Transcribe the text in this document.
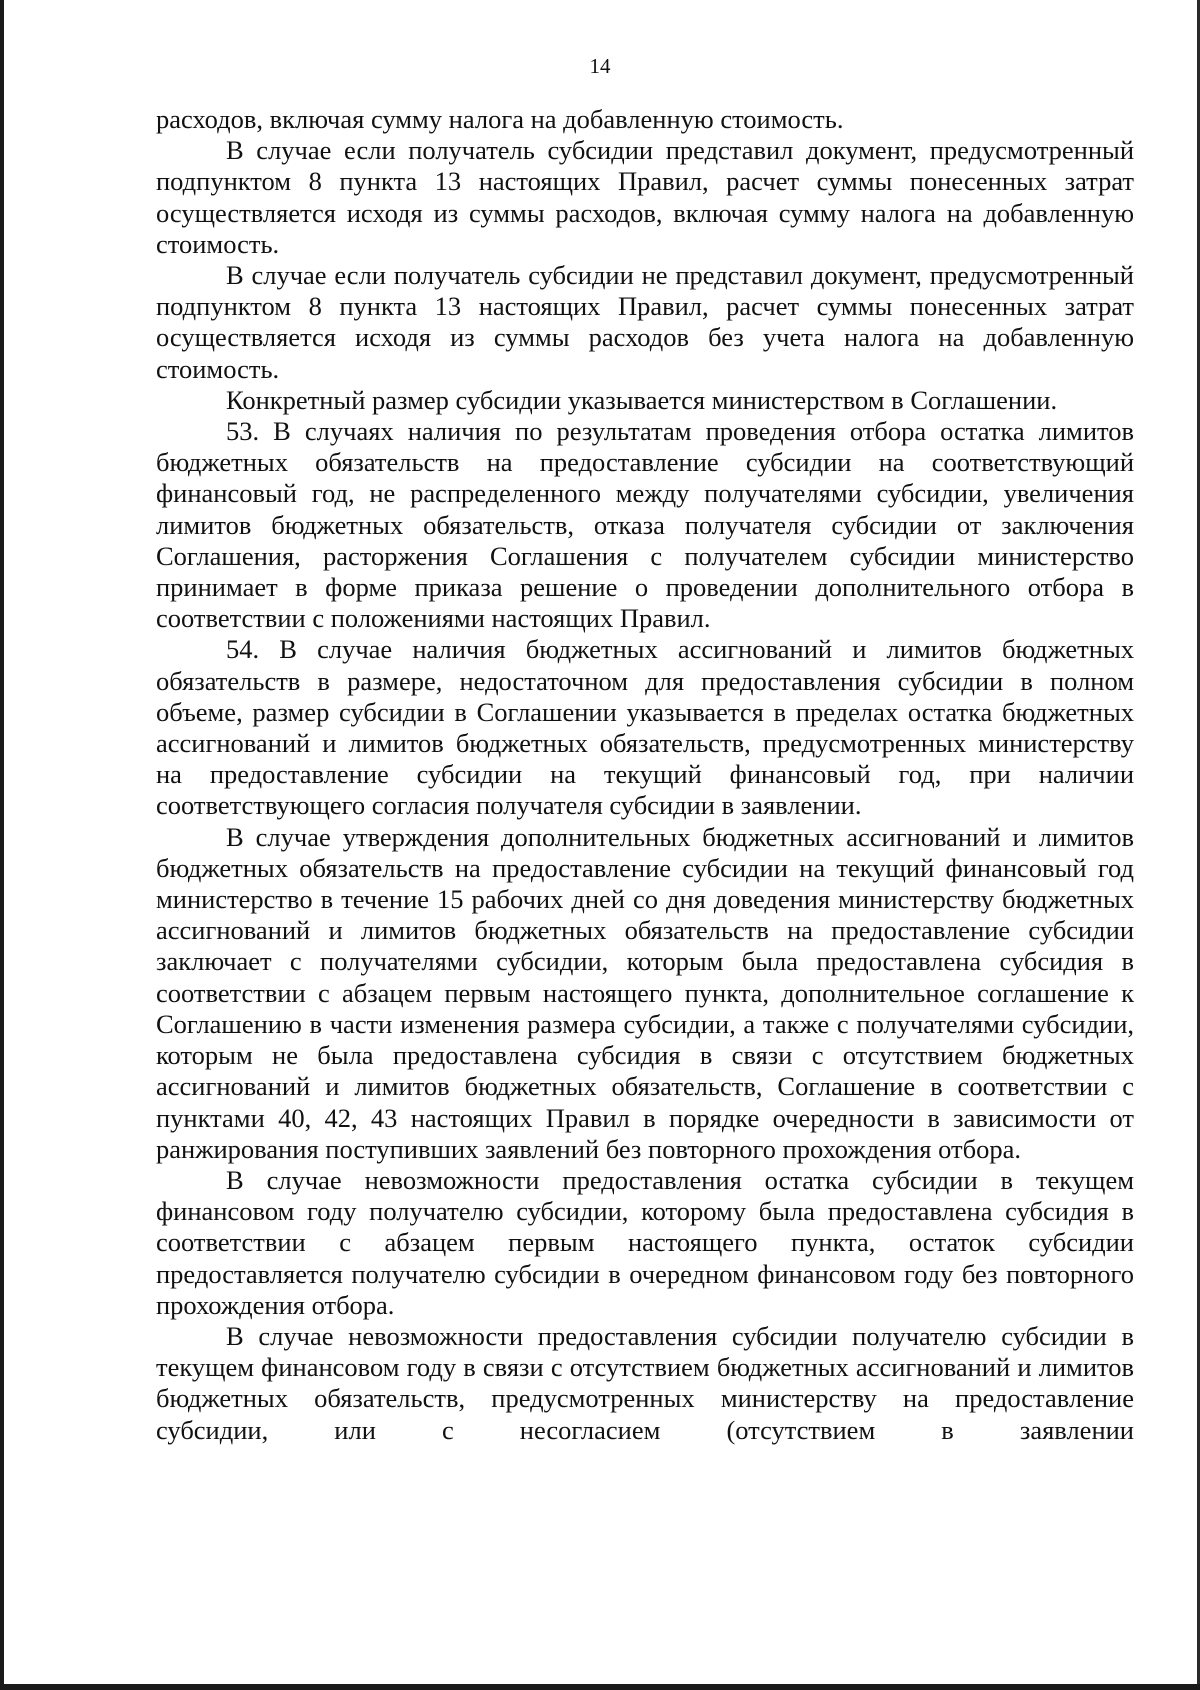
14

расходов, включая сумму налога на добавленную стоимость.

В случае если получатель субсидии представил документ, предусмотренный подпунктом 8 пункта 13 настоящих Правил, расчет суммы понесенных затрат осуществляется исходя из суммы расходов, включая сумму налога на добавленную стоимость.

В случае если получатель субсидии не представил документ, предусмотренный подпунктом 8 пункта 13 настоящих Правил, расчет суммы понесенных затрат осуществляется исходя из суммы расходов без учета налога на добавленную стоимость.

Конкретный размер субсидии указывается министерством в Соглашении.

53. В случаях наличия по результатам проведения отбора остатка лимитов бюджетных обязательств на предоставление субсидии на соответствующий финансовый год, не распределенного между получателями субсидии, увеличения лимитов бюджетных обязательств, отказа получателя субсидии от заключения Соглашения, расторжения Соглашения с получателем субсидии министерство принимает в форме приказа решение о проведении дополнительного отбора в соответствии с положениями настоящих Правил.

54. В случае наличия бюджетных ассигнований и лимитов бюджетных обязательств в размере, недостаточном для предоставления субсидии в полном объеме, размер субсидии в Соглашении указывается в пределах остатка бюджетных ассигнований и лимитов бюджетных обязательств, предусмотренных министерству на предоставление субсидии на текущий финансовый год, при наличии соответствующего согласия получателя субсидии в заявлении.

В случае утверждения дополнительных бюджетных ассигнований и лимитов бюджетных обязательств на предоставление субсидии на текущий финансовый год министерство в течение 15 рабочих дней со дня доведения министерству бюджетных ассигнований и лимитов бюджетных обязательств на предоставление субсидии заключает с получателями субсидии, которым была предоставлена субсидия в соответствии с абзацем первым настоящего пункта, дополнительное соглашение к Соглашению в части изменения размера субсидии, а также с получателями субсидии, которым не была предоставлена субсидия в связи с отсутствием бюджетных ассигнований и лимитов бюджетных обязательств, Соглашение в соответствии с пунктами 40, 42, 43 настоящих Правил в порядке очередности в зависимости от ранжирования поступивших заявлений без повторного прохождения отбора.

В случае невозможности предоставления остатка субсидии в текущем финансовом году получателю субсидии, которому была предоставлена субсидия в соответствии с абзацем первым настоящего пункта, остаток субсидии предоставляется получателю субсидии в очередном финансовом году без повторного прохождения отбора.

В случае невозможности предоставления субсидии получателю субсидии в текущем финансовом году в связи с отсутствием бюджетных ассигнований и лимитов бюджетных обязательств, предусмотренных министерству на предоставление субсидии, или с несогласием (отсутствием в заявлении
